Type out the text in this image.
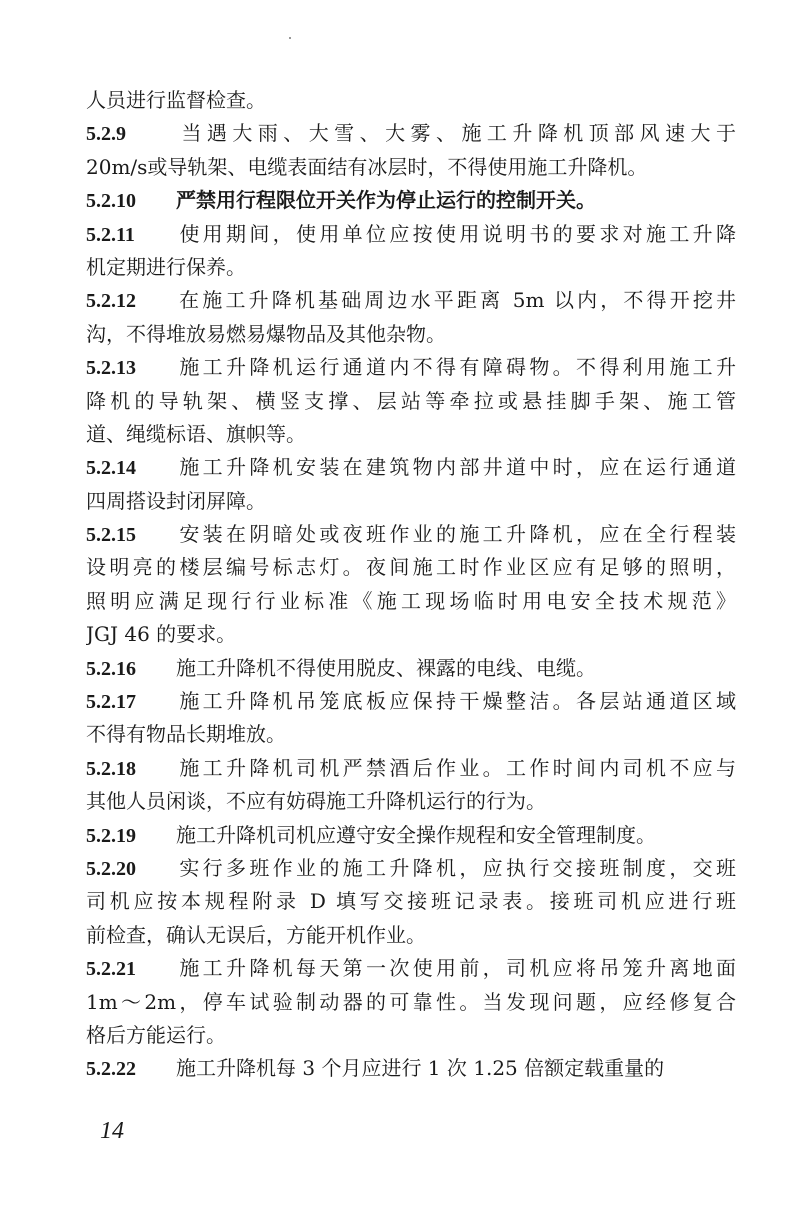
人员进行监督检查。
5.2.9	当遇大雨、大雪、大雾、施工升降机顶部风速大于
20m/s或导轨架、电缆表面结有冰层时，不得使用施工升降机。
5.2.10 严禁用行程限位开关作为停止运行的控制开关。
5.2.11 使用期间，使用单位应按使用说明书的要求对施工升降
机定期进行保养。
5.2.12 在施工升降机基础周边水平距离 5m 以内，不得开挖井
沟，不得堆放易燃易爆物品及其他杂物。
5.2.13 施工升降机运行通道内不得有障碍物。不得利用施工升
降机的导轨架、横竖支撑、层站等牵拉或悬挂脚手架、施工管
道、绳缆标语、旗帜等。
5.2.14 施工升降机安装在建筑物内部井道中时，应在运行通道
四周搭设封闭屏障。
5.2.15 安装在阴暗处或夜班作业的施工升降机，应在全行程装
设明亮的楼层编号标志灯。夜间施工时作业区应有足够的照明，
照明应满足现行行业标准《施工现场临时用电安全技术规范》
JGJ 46 的要求。
5.2.16 施工升降机不得使用脱皮、裸露的电线、电缆。
5.2.17 施工升降机吊笼底板应保持干燥整洁。各层站通道区域
不得有物品长期堆放。
5.2.18 施工升降机司机严禁酒后作业。工作时间内司机不应与
其他人员闲谈，不应有妨碍施工升降机运行的行为。
5.2.19 施工升降机司机应遵守安全操作规程和安全管理制度。
5.2.20 实行多班作业的施工升降机，应执行交接班制度，交班
司机应按本规程附录 D 填写交接班记录表。接班司机应进行班
前检查，确认无误后，方能开机作业。
5.2.21 施工升降机每天第一次使用前，司机应将吊笼升离地面
1m～2m，停车试验制动器的可靠性。当发现问题，应经修复合
格后方能运行。
5.2.22 施工升降机每 3 个月应进行 1 次 1.25 倍额定载重量的
14
